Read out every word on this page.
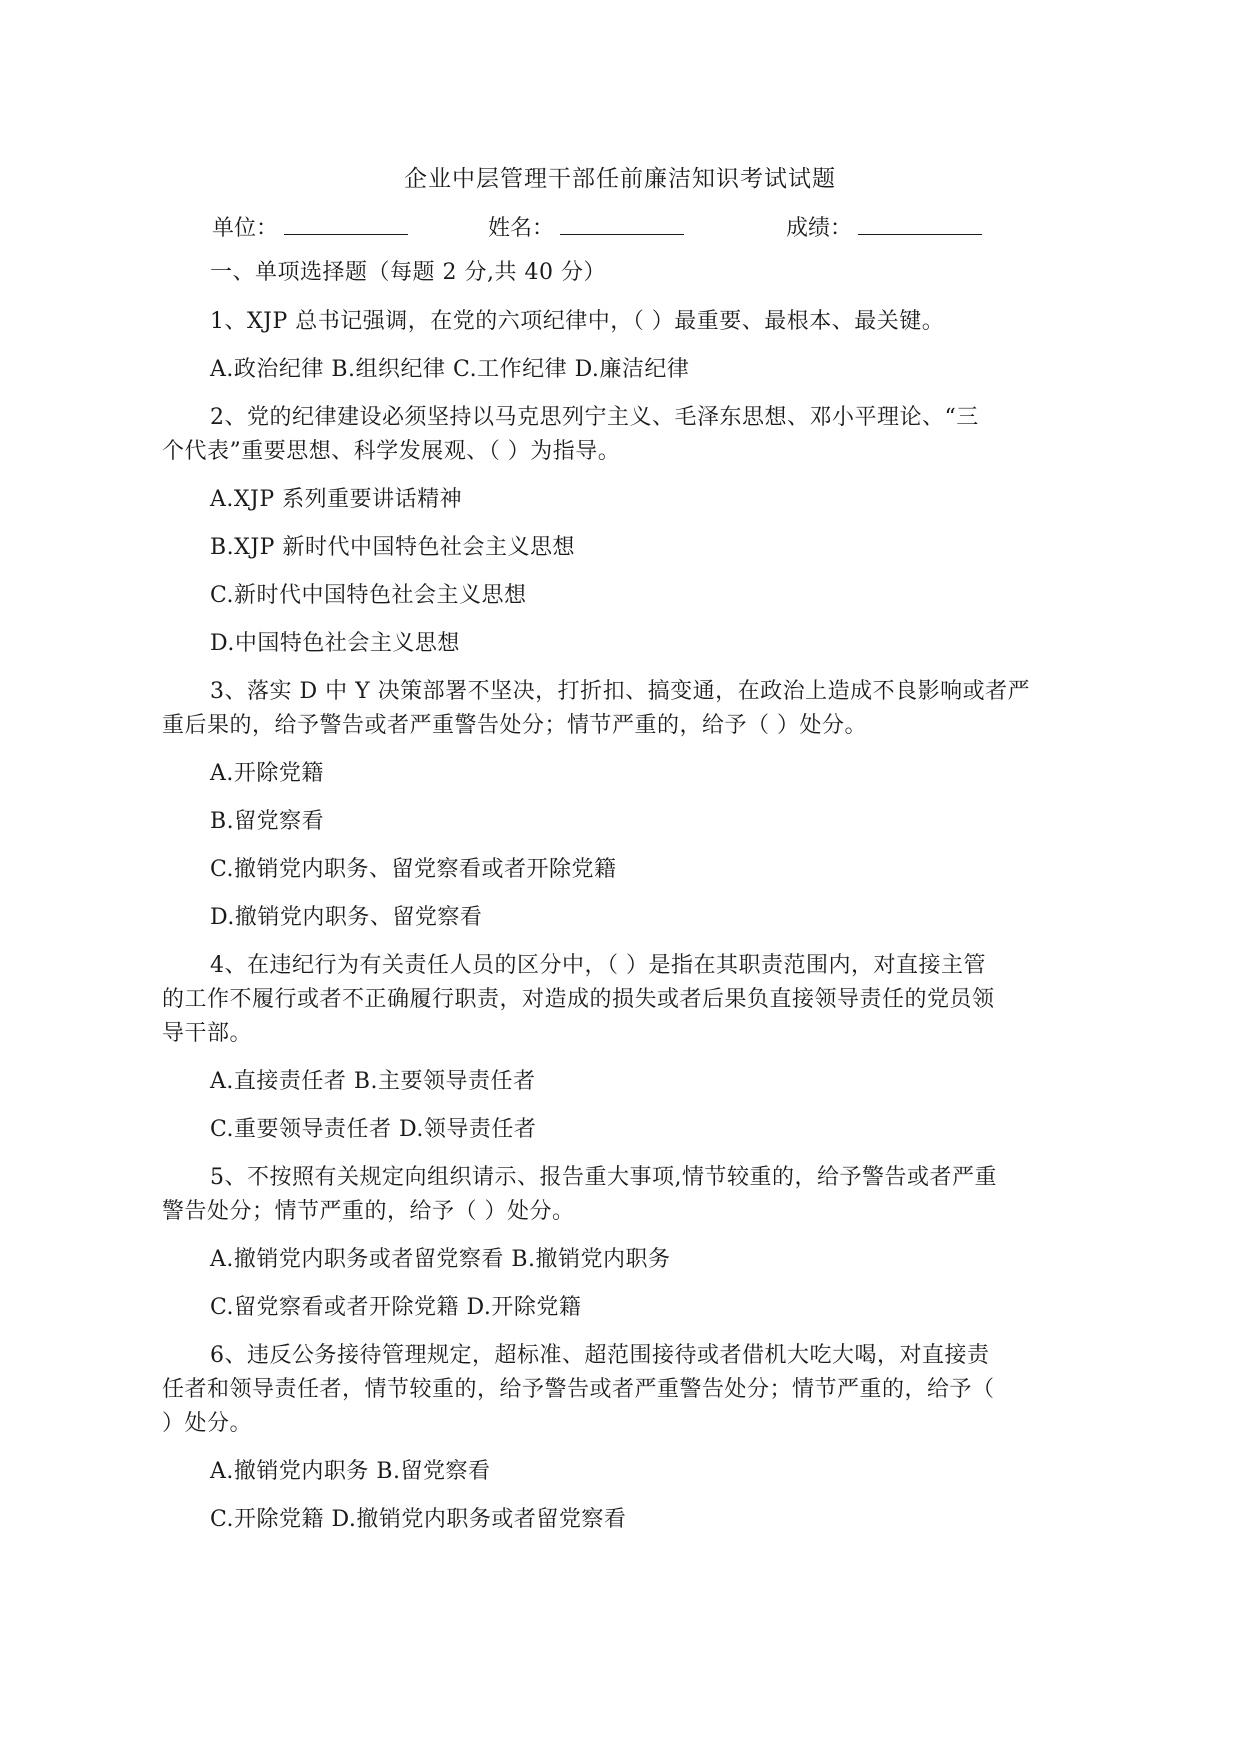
企业中层管理干部任前廉洁知识考试试题
单位：	姓名：	成绩：
一、单项选择题（每题 2 分,共 40 分）
1、XJP 总书记强调，在党的六项纪律中，（ ）最重要、最根本、最关键。
A.政治纪律 B.组织纪律 C.工作纪律 D.廉洁纪律
2、党的纪律建设必须坚持以马克思列宁主义、毛泽东思想、邓小平理论、“三
个代表”重要思想、科学发展观、（ ）为指导。
A.XJP 系列重要讲话精神
B.XJP 新时代中国特色社会主义思想
C.新时代中国特色社会主义思想
D.中国特色社会主义思想
3、落实 D 中 Y 决策部署不坚决，打折扣、搞变通，在政治上造成不良影响或者严
重后果的，给予警告或者严重警告处分；情节严重的，给予（ ）处分。
A.开除党籍
B.留党察看
C.撤销党内职务、留党察看或者开除党籍
D.撤销党内职务、留党察看
4、在违纪行为有关责任人员的区分中，（ ）是指在其职责范围内，对直接主管
的工作不履行或者不正确履行职责，对造成的损失或者后果负直接领导责任的党员领
导干部。
A.直接责任者 B.主要领导责任者
C.重要领导责任者 D.领导责任者
5、不按照有关规定向组织请示、报告重大事项,情节较重的，给予警告或者严重
警告处分；情节严重的，给予（ ）处分。
A.撤销党内职务或者留党察看 B.撤销党内职务
C.留党察看或者开除党籍 D.开除党籍
6、违反公务接待管理规定，超标准、超范围接待或者借机大吃大喝，对直接责
任者和领导责任者，情节较重的，给予警告或者严重警告处分；情节严重的，给予（
）处分。
A.撤销党内职务 B.留党察看
C.开除党籍 D.撤销党内职务或者留党察看
